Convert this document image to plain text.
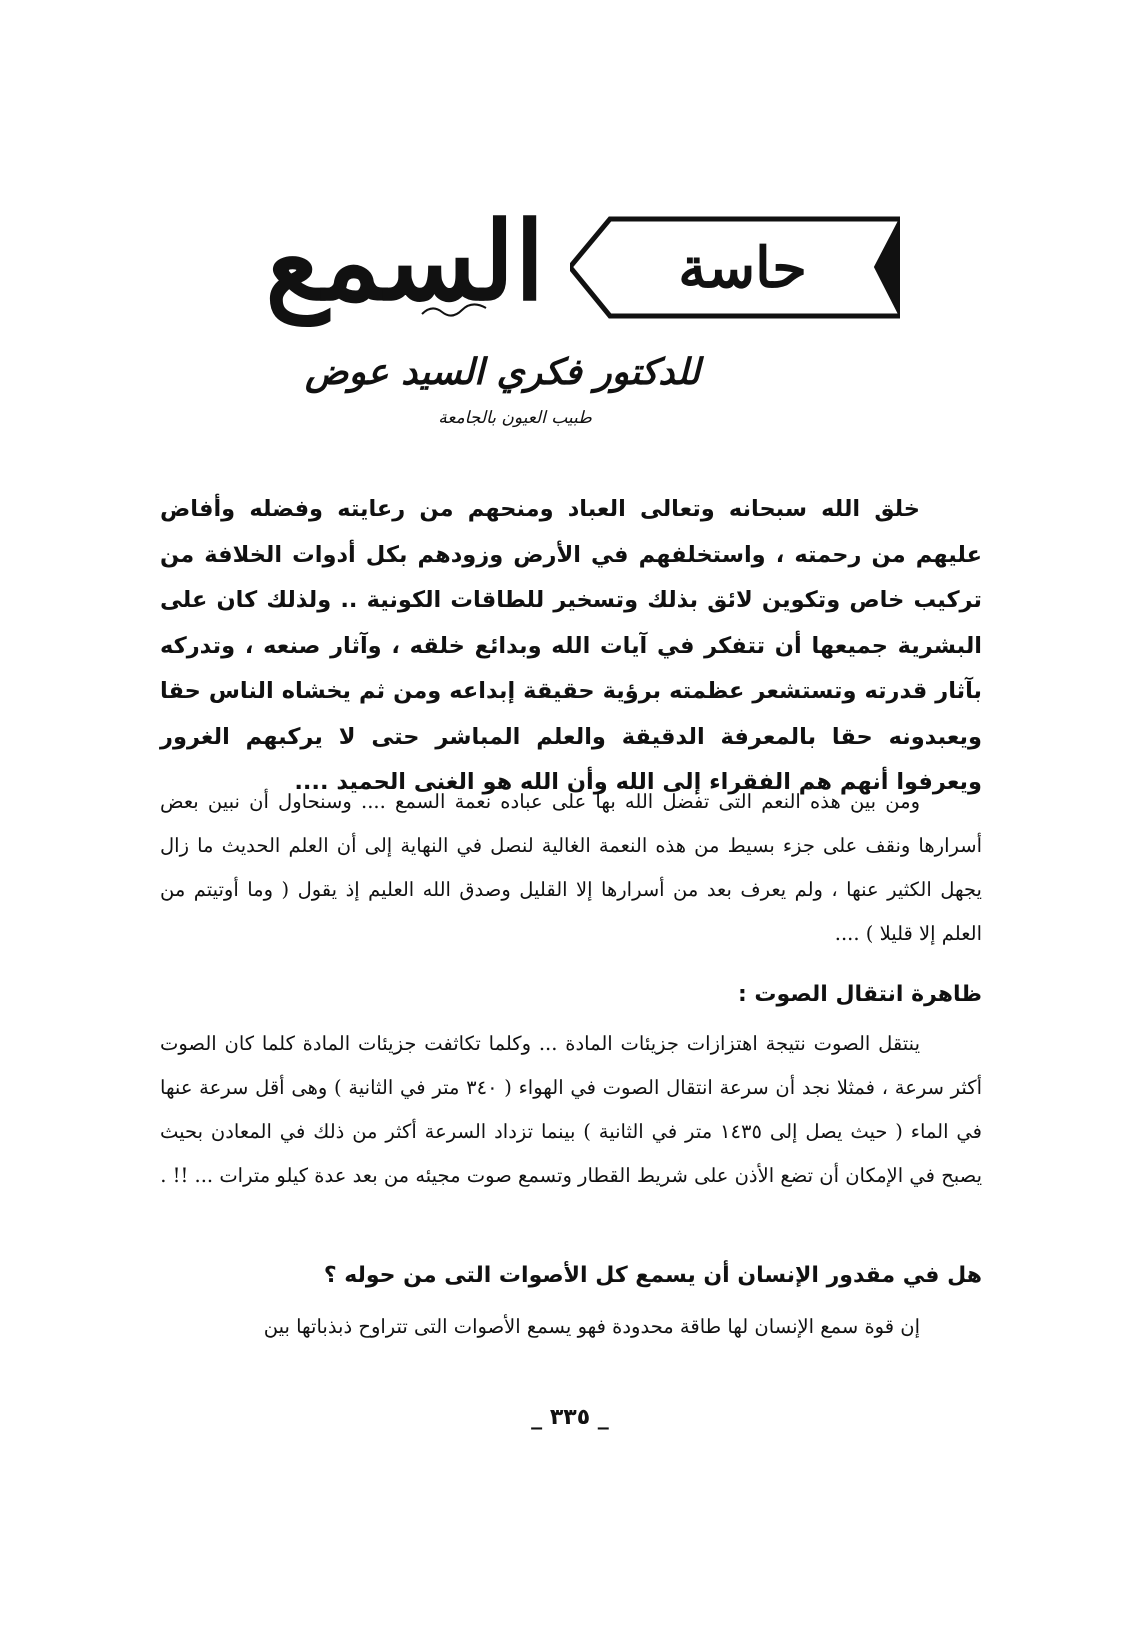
السمع	حاسة
للدكتور فكري السيد عوض
طبيب العيون بالجامعة
خلق الله سبحانه وتعالى العباد ومنحهم من رعايته وفضله وأفاض عليهم من رحمته ، واستخلفهم في الأرض وزودهم بكل أدوات الخلافة من تركيب خاص وتكوين لائق بذلك وتسخير للطاقات الكونية .. ولذلك كان على البشرية جميعها أن تتفكر في آيات الله وبدائع خلقه ، وآثار صنعه ، وتدركه بآثار قدرته وتستشعر عظمته برؤية حقيقة إبداعه ومن ثم يخشاه الناس حقا ويعبدونه حقا بالمعرفة الدقيقة والعلم المباشر حتى لا يركبهم الغرور ويعرفوا أنهم هم الفقراء إلى الله وأن الله هو الغنى الحميد ....
ومن بين هذه النعم التى تفضل الله بها على عباده نعمة السمع .... وسنحاول أن نبين بعض أسرارها ونقف على جزء بسيط من هذه النعمة الغالية لنصل في النهاية إلى أن العلم الحديث ما زال يجهل الكثير عنها ، ولم يعرف بعد من أسرارها إلا القليل وصدق الله العليم إذ يقول ( وما أوتيتم من العلم إلا قليلا ) ....
ظاهرة انتقال الصوت :
ينتقل الصوت نتيجة اهتزازات جزيئات المادة ... وكلما تكاثفت جزيئات المادة كلما كان الصوت أكثر سرعة ، فمثلا نجد أن سرعة انتقال الصوت في الهواء ( ٣٤٠ متر في الثانية ) وهى أقل سرعة عنها في الماء ( حيث يصل إلى ١٤٣٥ متر في الثانية ) بينما تزداد السرعة أكثر من ذلك في المعادن بحيث يصبح في الإمكان أن تضع الأذن على شريط القطار وتسمع صوت مجيئه من بعد عدة كيلو مترات ... !! .
هل في مقدور الإنسان أن يسمع كل الأصوات التى من حوله ؟
إن قوة سمع الإنسان لها طاقة محدودة فهو يسمع الأصوات التى تتراوح ذبذباتها بين
_ ٣٣٥ _
